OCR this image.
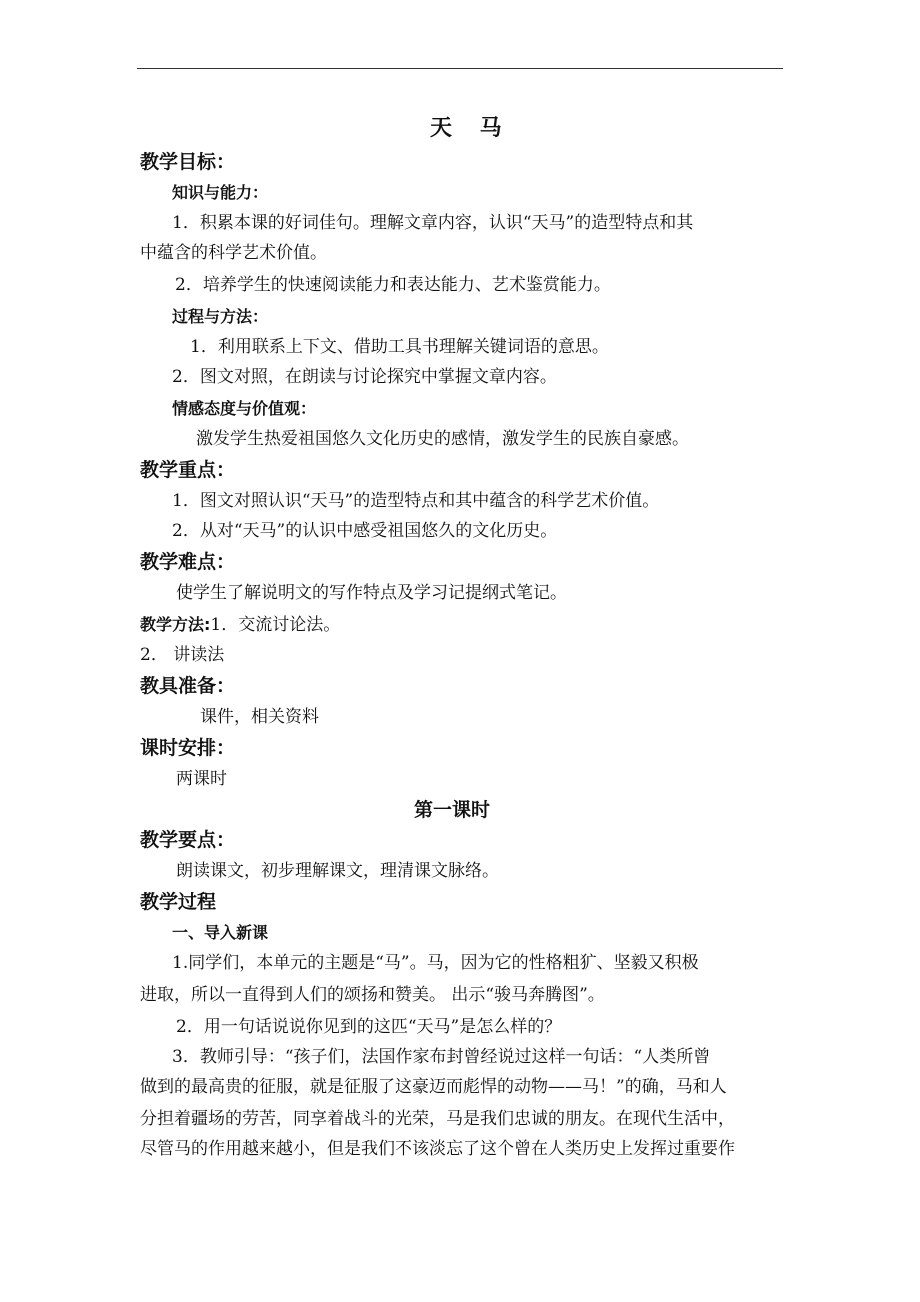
天 马
教学目标：
知识与能力：
1．积累本课的好词佳句。理解文章内容，认识“天马”的造型特点和其
中蕴含的科学艺术价值。
2．培养学生的快速阅读能力和表达能力、艺术鉴赏能力。
过程与方法：
1．利用联系上下文、借助工具书理解关键词语的意思。
2．图文对照，在朗读与讨论探究中掌握文章内容。
情感态度与价值观：
激发学生热爱祖国悠久文化历史的感情，激发学生的民族自豪感。
教学重点：
1．图文对照认识“天马”的造型特点和其中蕴含的科学艺术价值。
2．从对“天马”的认识中感受祖国悠久的文化历史。
教学难点：
使学生了解说明文的写作特点及学习记提纲式笔记。
教学方法:1．交流讨论法。
2． 讲读法
教具准备：
课件，相关资料
课时安排：
两课时
第一课时
教学要点：
朗读课文，初步理解课文，理清课文脉络。
教学过程
一、导入新课
1.同学们，本单元的主题是“马”。马，因为它的性格粗犷、坚毅又积极
进取，所以一直得到人们的颂扬和赞美。 出示“骏马奔腾图”。
2．用一句话说说你见到的这匹“天马”是怎么样的？
3．教师引导：“孩子们，法国作家布封曾经说过这样一句话：“人类所曾
做到的最高贵的征服，就是征服了这豪迈而彪悍的动物——马！”的确，马和人
分担着疆场的劳苦，同享着战斗的光荣，马是我们忠诚的朋友。在现代生活中，
尽管马的作用越来越小，但是我们不该淡忘了这个曾在人类历史上发挥过重要作
